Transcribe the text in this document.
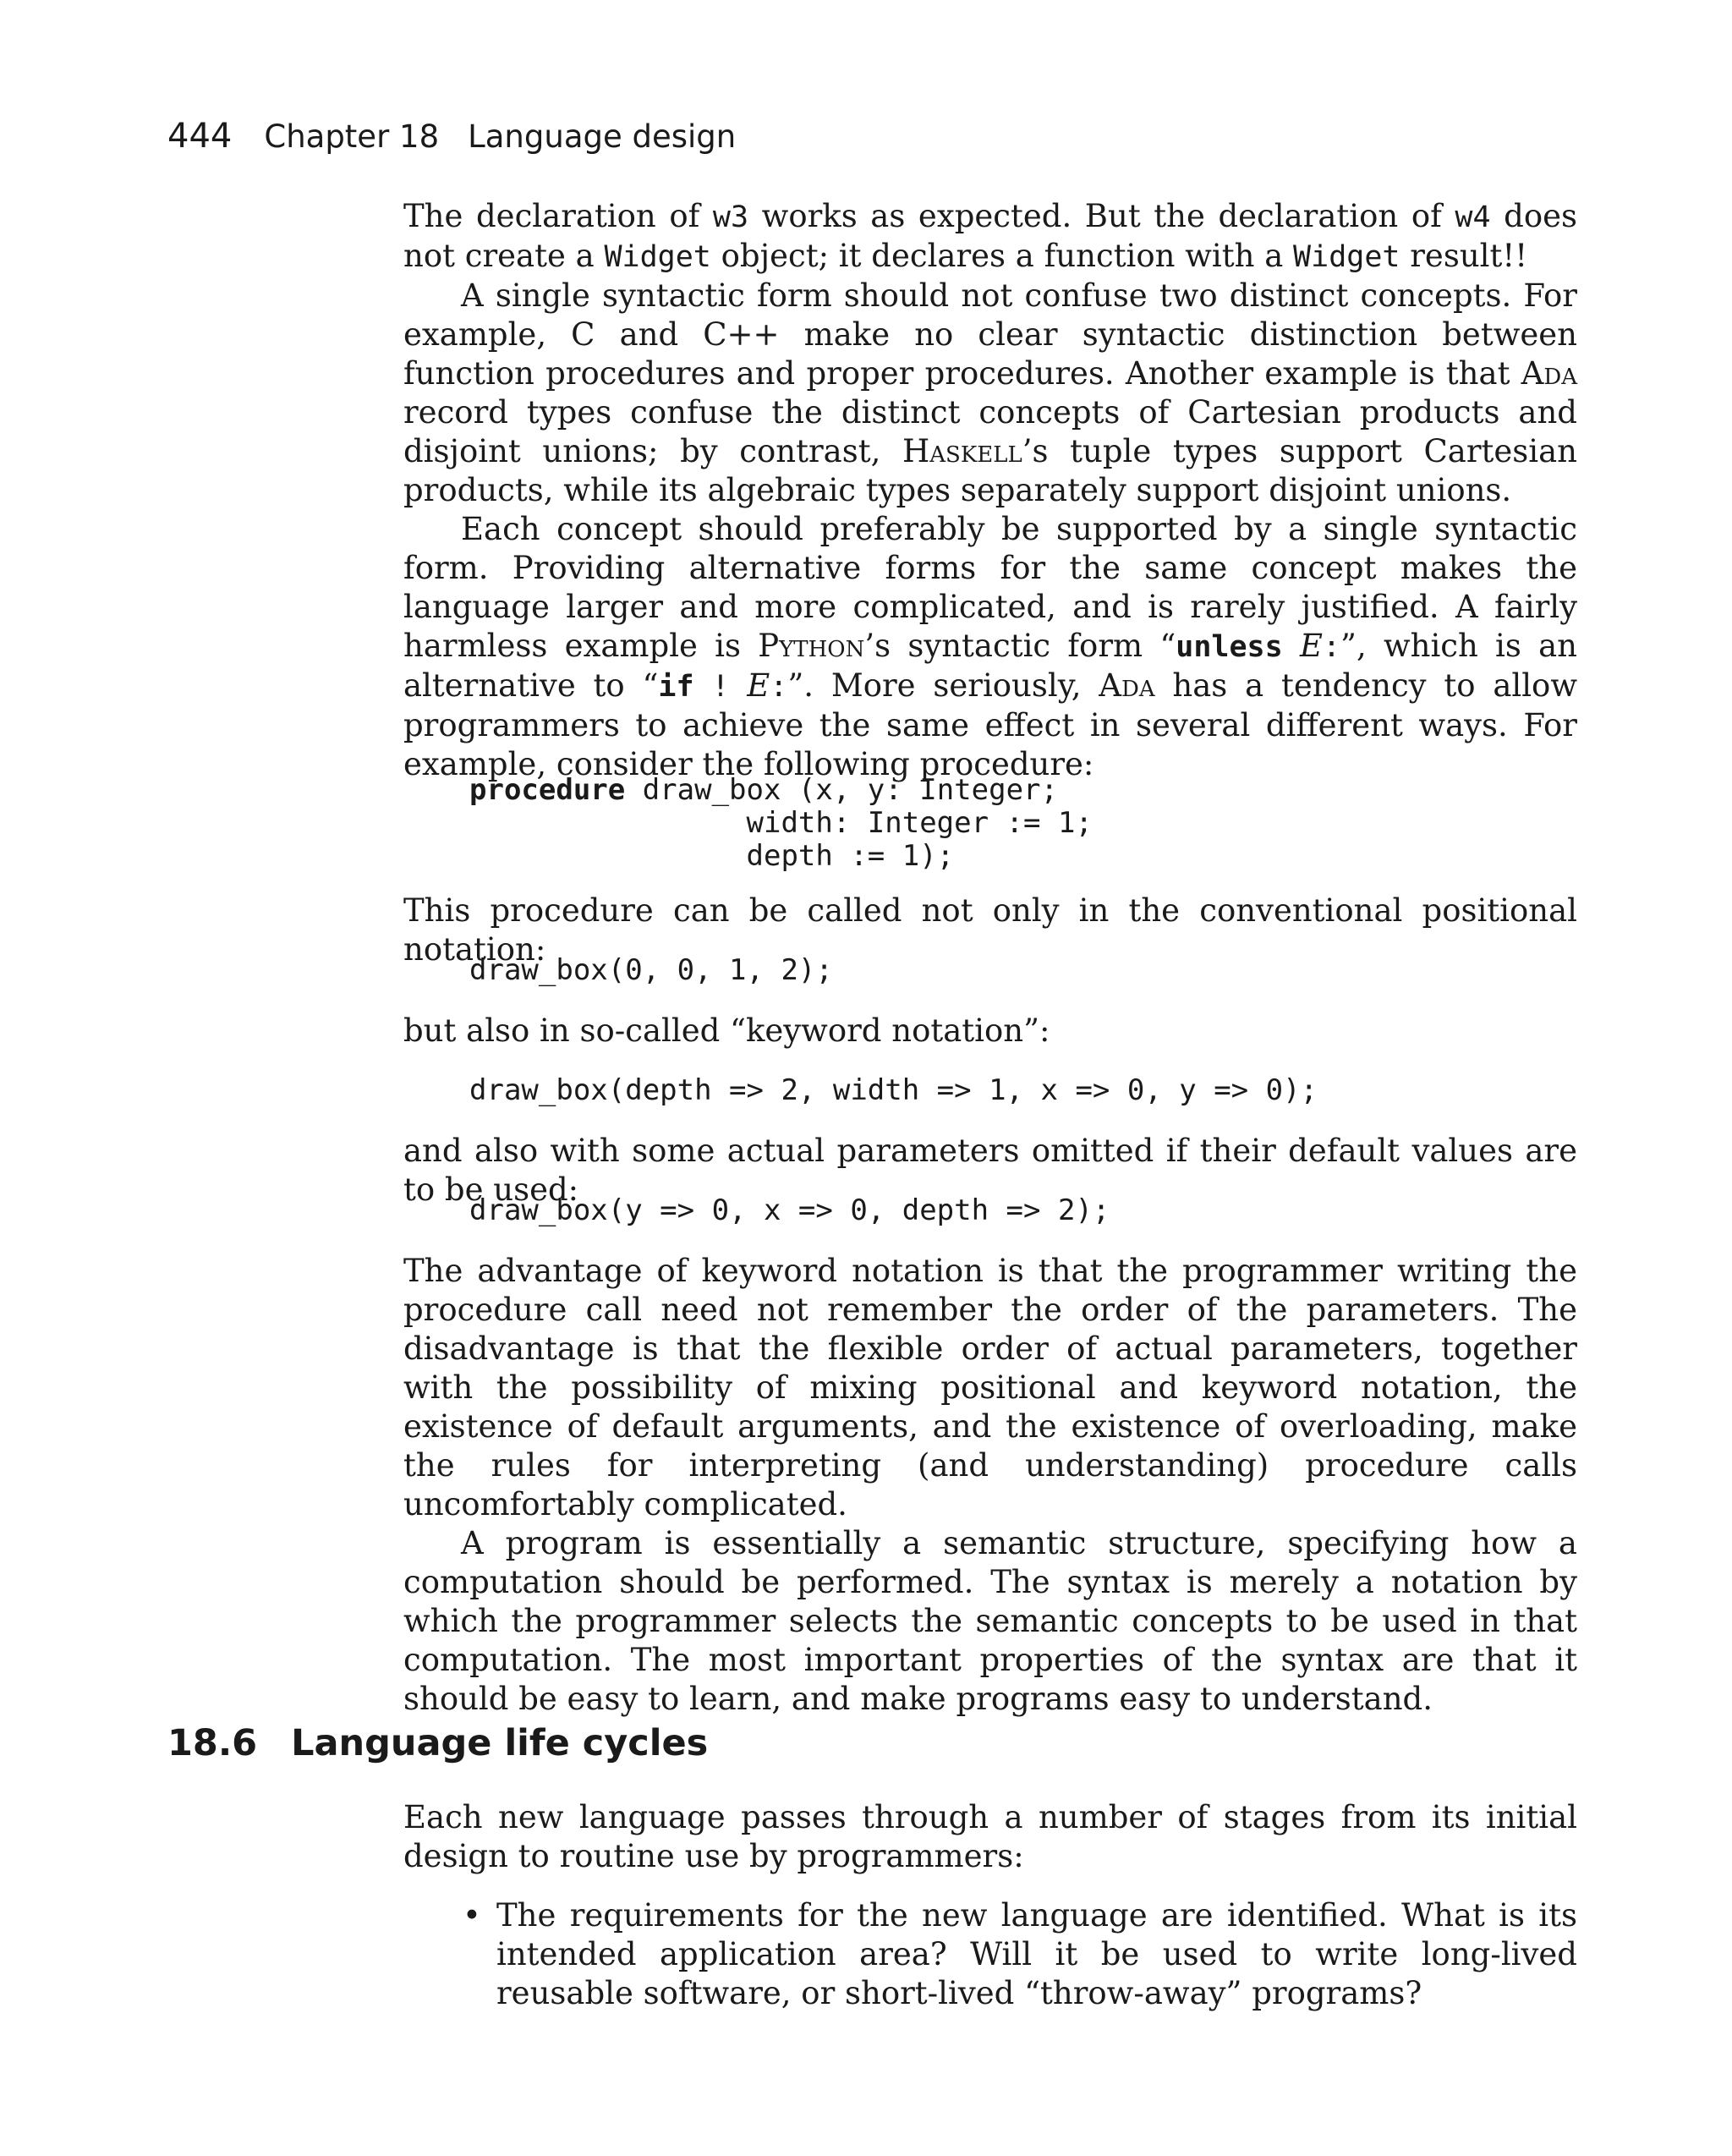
444 Chapter 18 Language design

The declaration of w3 works as expected. But the declaration of w4 does not create a Widget object; it declares a function with a Widget result!!

A single syntactic form should not confuse two distinct concepts. For example, C and C++ make no clear syntactic distinction between function procedures and proper procedures. Another example is that Ada record types confuse the distinct concepts of Cartesian products and disjoint unions; by contrast, Haskell’s tuple types support Cartesian products, while its algebraic types separately support disjoint unions.

Each concept should preferably be supported by a single syntactic form. Providing alternative forms for the same concept makes the language larger and more complicated, and is rarely justified. A fairly harmless example is Python’s syntactic form “unless E:”, which is an alternative to “if ! E:”. More seriously, Ada has a tendency to allow programmers to achieve the same effect in several different ways. For example, consider the following procedure:

procedure draw_box (x, y: Integer;
width: Integer := 1;
depth := 1);

This procedure can be called not only in the conventional positional notation:

draw_box(0, 0, 1, 2);

but also in so-called “keyword notation”:

draw_box(depth => 2, width => 1, x => 0, y => 0);

and also with some actual parameters omitted if their default values are to be used:

draw_box(y => 0, x => 0, depth => 2);

The advantage of keyword notation is that the programmer writing the procedure call need not remember the order of the parameters. The disadvantage is that the flexible order of actual parameters, together with the possibility of mixing positional and keyword notation, the existence of default arguments, and the existence of overloading, make the rules for interpreting (and understanding) procedure calls uncomfortably complicated.

A program is essentially a semantic structure, specifying how a computation should be performed. The syntax is merely a notation by which the programmer selects the semantic concepts to be used in that computation. The most important properties of the syntax are that it should be easy to learn, and make programs easy to understand.

18.6 Language life cycles

Each new language passes through a number of stages from its initial design to routine use by programmers:

• The requirements for the new language are identified. What is its intended application area? Will it be used to write long-lived reusable software, or short-lived “throw-away” programs?
